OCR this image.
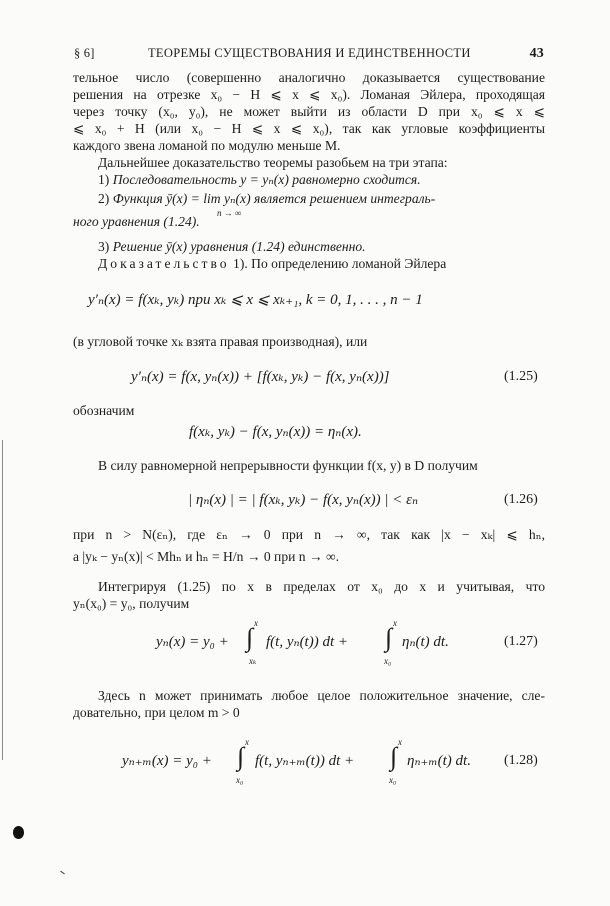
§ 6]	ТЕОРЕМЫ СУЩЕСТВОВАНИЯ И ЕДИНСТВЕННОСТИ	43
тельное число (совершенно аналогично доказывается существование
решения на отрезке x₀ − H ⩽ x ⩽ x₀). Ломаная Эйлера, проходящая
через точку (x₀, y₀), не может выйти из области D при x₀ ⩽ x ⩽
⩽ x₀ + H (или x₀ − H ⩽ x ⩽ x₀), так как угловые коэффициенты
каждого звена ломаной по модулю меньше M.
Дальнейшее доказательство теоремы разобьем на три этапа:
1) Последовательность y = yₙ(x) равномерно сходится.
2) Функция ȳ(x) = lim yₙ(x) является решением интеграль-
n → ∞
ного уравнения (1.24).
3) Решение ȳ(x) уравнения (1.24) единственно.
Доказательство 1). По определению ломаной Эйлера
y′ₙ(x) = f(xₖ, yₖ) при xₖ ⩽ x ⩽ xₖ₊₁, k = 0, 1, . . . , n − 1
(в угловой точке xₖ взята правая производная), или
y′ₙ(x) = f(x, yₙ(x)) + [f(xₖ, yₖ) − f(x, yₙ(x))]	(1.25)
обозначим
f(xₖ, yₖ) − f(x, yₙ(x)) = ηₙ(x).
В силу равномерной непрерывности функции f(x, y) в D получим
| ηₙ(x) | = | f(xₖ, yₖ) − f(x, yₙ(x)) | < εₙ	(1.26)
при n > N(εₙ), где εₙ → 0 при n → ∞, так как |x − xₖ| ⩽ hₙ,
а |yₖ − yₙ(x)| < Mhₙ и hₙ = H/n → 0 при n → ∞.
Интегрируя (1.25) по x в пределах от x₀ до x и учитывая, что
yₙ(x₀) = y₀, получим
yₙ(x) = y₀ +
x
∫
xₖ
f(t, yₙ(t)) dt +
x
∫
x₀
ηₙ(t) dt.	(1.27)
Здесь n может принимать любое целое положительное значение, сле-
довательно, при целом m > 0
yₙ₊ₘ(x) = y₀ +
x
∫
x₀
f(t, yₙ₊ₘ(t)) dt +
x
∫
x₀
ηₙ₊ₘ(t) dt. (1.28)
